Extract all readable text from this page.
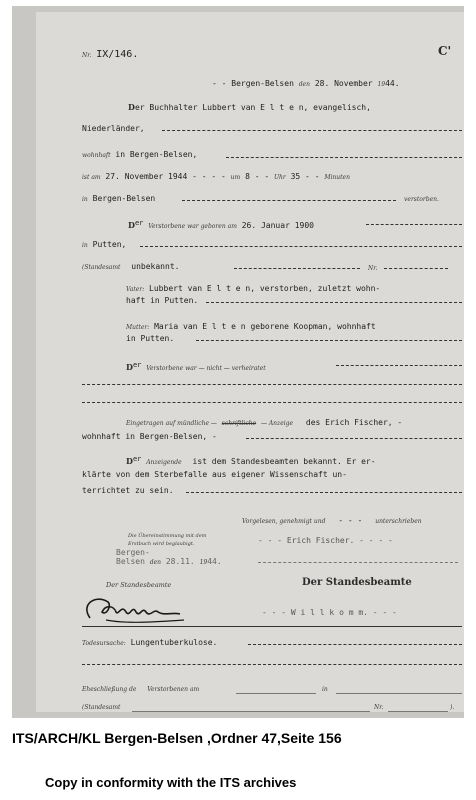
Nr. IX/146.	C'
- - Bergen-Belsen den 28. November 1944.
Der Buchhalter Lubbert van E l t e n, evangelisch,
Niederländer,
wohnhaft in Bergen-Belsen,
ist am 27. November 1944 - - - - um 8 - - Uhr 35 - - Minuten
in Bergen-Belsen	verstorben.
Der Verstorbene war geboren am 26. Januar 1900
in Putten,
(Standesamt unbekannt.	Nr.
Vater: Lubbert van E l t e n, verstorben, zuletzt wohn-
haft in Putten.
Mutter: Maria van E l t e n geborene Koopman, wohnhaft
in Putten.
Der Verstorbene war — nicht — verheiratet
Eingetragen auf mündliche — schriftliche — Anzeige des Erich Fischer, -
wohnhaft in Bergen-Belsen, -
Der Anzeigende ist dem Standesbeamten bekannt. Er er-
klärte von dem Sterbefalle aus eigener Wissenschaft un-
terrichtet zu sein.
Vorgelesen, genehmigt und - - - unterschrieben
Die Übereinstimmung mit dem
Erstbuch wird beglaubigt.	- - - Erich Fischer. - - - -
Bergen-
Belsen den 28.11. 1944.
Der Standesbeamte	Der Standesbeamte
- - - W i l l k o m m. - - -
Todesursache: Lungentuberkulose.
Eheschließung de Verstorbenen am	in
(Standesamt	Nr.	).
ITS/ARCH/KL Bergen-Belsen ,Ordner 47,Seite 156
Copy in conformity with the ITS archives
